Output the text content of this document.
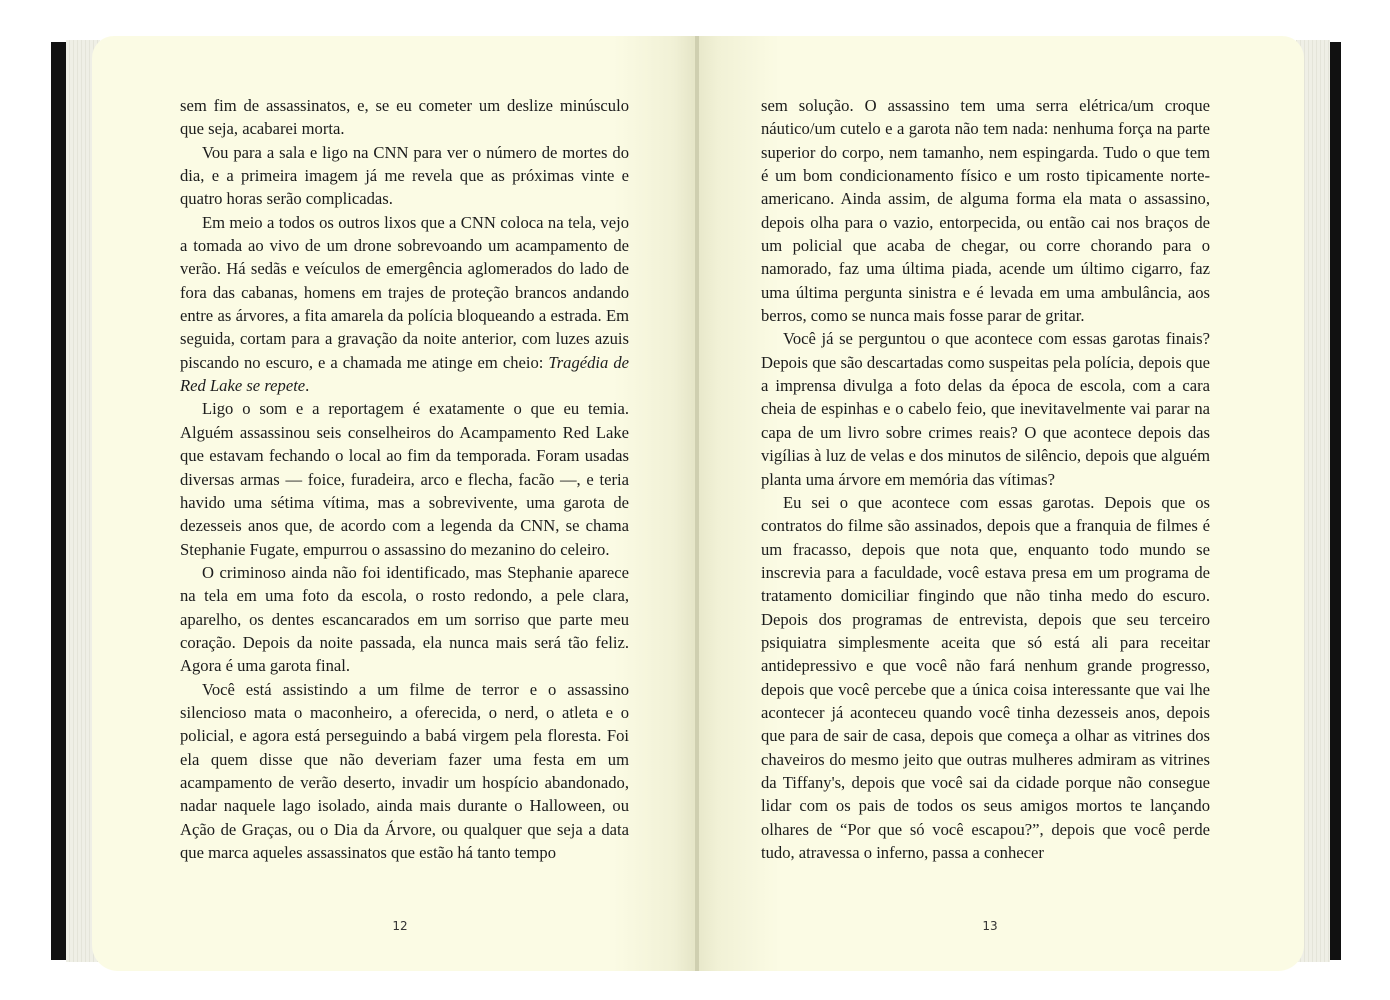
sem fim de assassinatos, e, se eu cometer um deslize minúsculo que seja, acabarei morta.

Vou para a sala e ligo na CNN para ver o número de mortes do dia, e a primeira imagem já me revela que as próximas vinte e quatro horas serão complicadas.

Em meio a todos os outros lixos que a CNN coloca na tela, vejo a tomada ao vivo de um drone sobrevoando um acampamento de verão. Há sedãs e veículos de emergência aglomerados do lado de fora das cabanas, homens em trajes de proteção brancos andando entre as árvores, a fita amarela da polícia bloqueando a estrada. Em seguida, cortam para a gravação da noite anterior, com luzes azuis piscando no escuro, e a chamada me atinge em cheio: Tragédia de Red Lake se repete.

Ligo o som e a reportagem é exatamente o que eu temia. Alguém assassinou seis conselheiros do Acampamento Red Lake que estavam fechando o local ao fim da temporada. Foram usadas diversas armas — foice, furadeira, arco e flecha, facão —, e teria havido uma sétima vítima, mas a sobrevivente, uma garota de dezesseis anos que, de acordo com a legenda da CNN, se chama Stephanie Fugate, empurrou o assassino do mezanino do celeiro.

O criminoso ainda não foi identificado, mas Stephanie aparece na tela em uma foto da escola, o rosto redondo, a pele clara, aparelho, os dentes escancarados em um sorriso que parte meu coração. Depois da noite passada, ela nunca mais será tão feliz. Agora é uma garota final.

Você está assistindo a um filme de terror e o assassino silencioso mata o maconheiro, a oferecida, o nerd, o atleta e o policial, e agora está perseguindo a babá virgem pela floresta. Foi ela quem disse que não deveriam fazer uma festa em um acampamento de verão deserto, invadir um hospício abandonado, nadar naquele lago isolado, ainda mais durante o Halloween, ou Ação de Graças, ou o Dia da Árvore, ou qualquer que seja a data que marca aqueles assassinatos que estão há tanto tempo

12

sem solução. O assassino tem uma serra elétrica/um croque náutico/um cutelo e a garota não tem nada: nenhuma força na parte superior do corpo, nem tamanho, nem espingarda. Tudo o que tem é um bom condicionamento físico e um rosto tipicamente norte-americano. Ainda assim, de alguma forma ela mata o assassino, depois olha para o vazio, entorpecida, ou então cai nos braços de um policial que acaba de chegar, ou corre chorando para o namorado, faz uma última piada, acende um último cigarro, faz uma última pergunta sinistra e é levada em uma ambulância, aos berros, como se nunca mais fosse parar de gritar.

Você já se perguntou o que acontece com essas garotas finais? Depois que são descartadas como suspeitas pela polícia, depois que a imprensa divulga a foto delas da época de escola, com a cara cheia de espinhas e o cabelo feio, que inevitavelmente vai parar na capa de um livro sobre crimes reais? O que acontece depois das vigílias à luz de velas e dos minutos de silêncio, depois que alguém planta uma árvore em memória das vítimas?

Eu sei o que acontece com essas garotas. Depois que os contratos do filme são assinados, depois que a franquia de filmes é um fracasso, depois que nota que, enquanto todo mundo se inscrevia para a faculdade, você estava presa em um programa de tratamento domiciliar fingindo que não tinha medo do escuro. Depois dos programas de entrevista, depois que seu terceiro psiquiatra simplesmente aceita que só está ali para receitar antidepressivo e que você não fará nenhum grande progresso, depois que você percebe que a única coisa interessante que vai lhe acontecer já aconteceu quando você tinha dezesseis anos, depois que para de sair de casa, depois que começa a olhar as vitrines dos chaveiros do mesmo jeito que outras mulheres admiram as vitrines da Tiffany's, depois que você sai da cidade porque não consegue lidar com os pais de todos os seus amigos mortos te lançando olhares de “Por que só você escapou?”, depois que você perde tudo, atravessa o inferno, passa a conhecer

13
